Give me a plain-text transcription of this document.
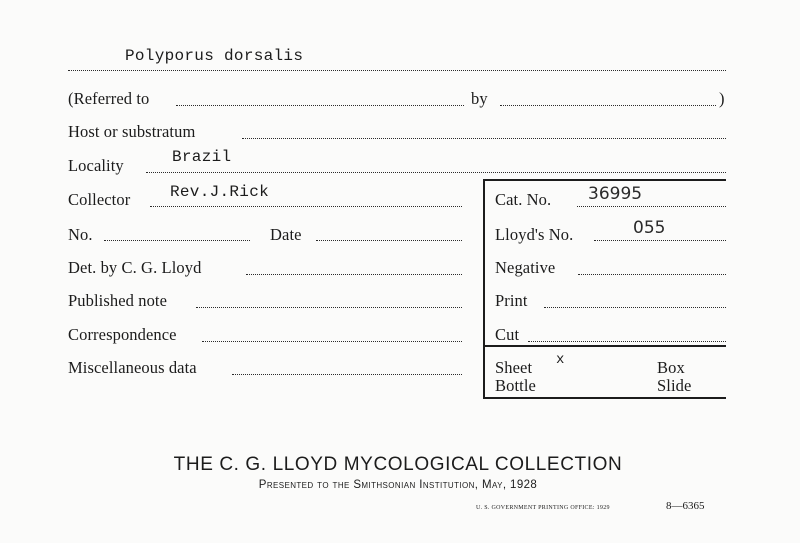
Polyporus dorsalis
(Referred to	by	)
Host or substratum
Locality	Brazil
Collector Rev.J.Rick	Cat. No. 36995
No.	Date	Lloyd's No.	055
Det. by C. G. Lloyd	Negative
Published note	Print
Correspondence	Cut
Miscellaneous data	Sheet x	Box
Bottle	Slide
THE C. G. LLOYD MYCOLOGICAL COLLECTION
Presented to the Smithsonian Institution, May, 1928
U. S. GOVERNMENT PRINTING OFFICE: 1929	8—6365
